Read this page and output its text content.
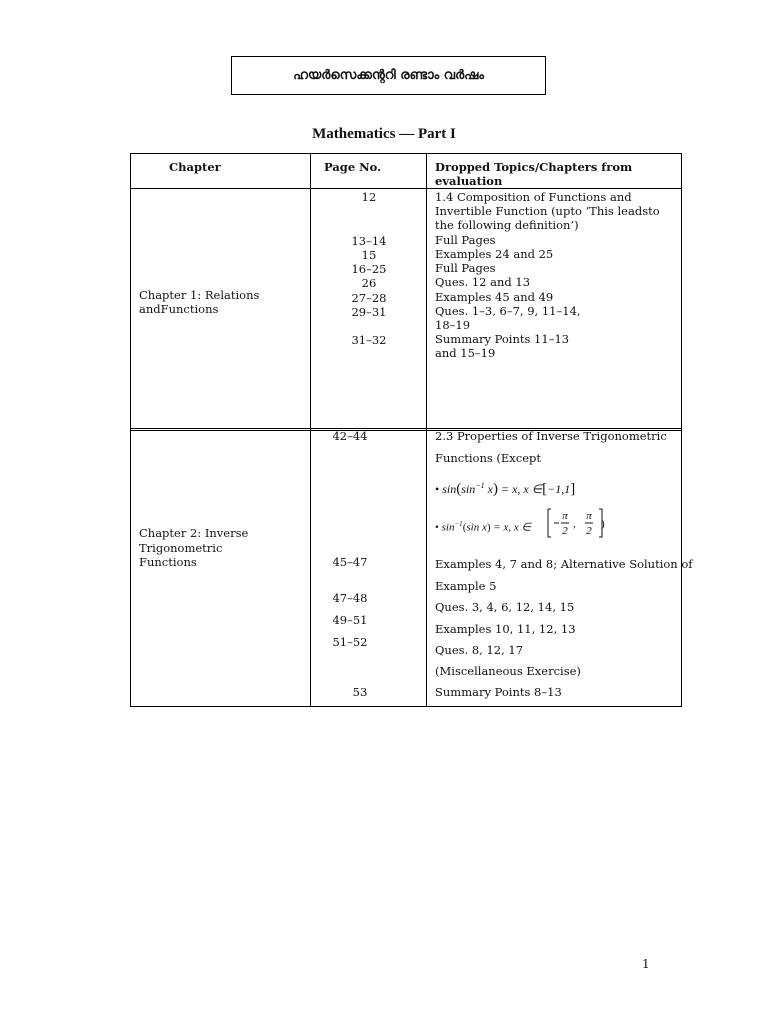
ഹയർസെക്കന്ററി രണ്ടാം വർഷം
Mathematics — Part I
Chapter	Page No.	Dropped Topics/Chapters from evaluation
Chapter 1: Relations
andFunctions
12
13–14
15
16–25
26
27–28
29–31
31–32
1.4 Composition of Functions and
Invertible Function (upto ‘This leadsto
the following definition’)
Full Pages
Examples 24 and 25
Full Pages
Ques. 12 and 13
Examples 45 and 49
Ques. 1–3, 6–7, 9, 11–14,
18–19
Summary Points 11–13
and 15–19
Chapter 2: Inverse
Trigonometric
Functions
42–44
45–47
47–48
49–51
51–52
53
2.3 Properties of Inverse Trigonometric
Functions (Except
• $\sin(\sin^{-1}$ x) = x, x ∈[−1,1]
• $\sin^{-1}(\sin$ x) = x, x ∈
π
2
,
π
2
)
Examples 4, 7 and 8; Alternative Solution of
Example 5
Ques. 3, 4, 6, 12, 14, 15
Examples 10, 11, 12, 13
Ques. 8, 12, 17
(Miscellaneous Exercise)
Summary Points 8–13
1
